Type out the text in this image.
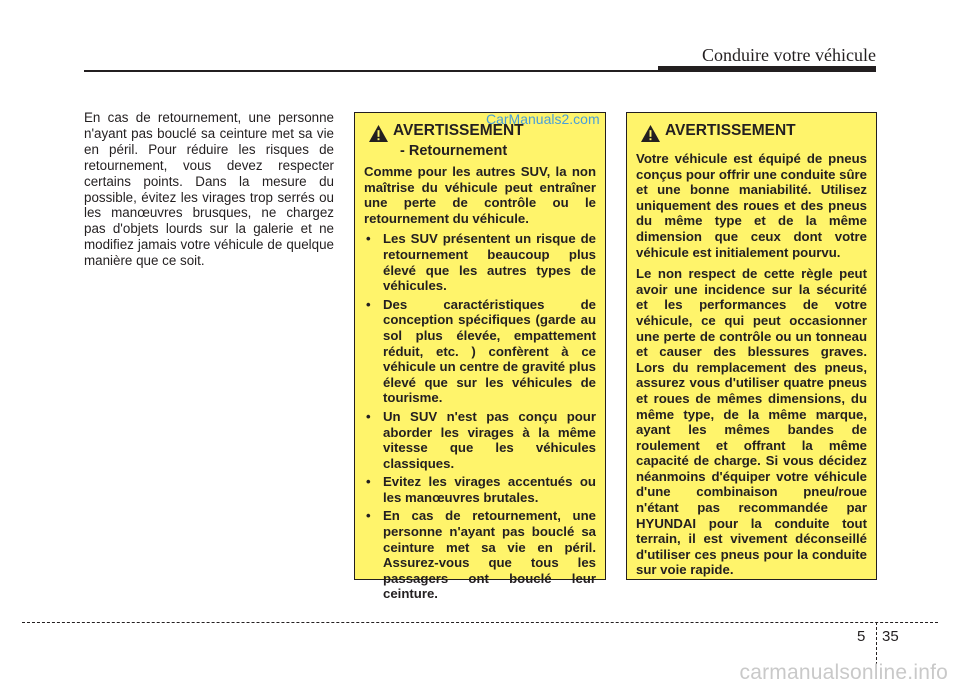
Conduire votre véhicule
En cas de retournement, une personne n'ayant pas bouclé sa ceinture met sa vie en péril. Pour réduire les risques de retournement, vous devez respecter certains points. Dans la mesure du possible, évitez les virages trop serrés ou les manœuvres brusques, ne chargez pas d'objets lourds sur la galerie et ne modifiez jamais votre véhicule de quelque manière que ce soit.
AVERTISSEMENT
- Retournement

Comme pour les autres SUV, la non maîtrise du véhicule peut entraîner une perte de contrôle ou le retournement du véhicule.

• Les SUV présentent un risque de retournement beaucoup plus élevé que les autres types de véhicules.
• Des caractéristiques de conception spécifiques (garde au sol plus élevée, empattement réduit, etc. ) confèrent à ce véhicule un centre de gravité plus élevé que sur les véhicules de tourisme.
• Un SUV n'est pas conçu pour aborder les virages à la même vitesse que les véhicules classiques.
• Evitez les virages accentués ou les manœuvres brutales.
• En cas de retournement, une personne n'ayant pas bouclé sa ceinture met sa vie en péril. Assurez-vous que tous les passagers ont bouclé leur ceinture.
AVERTISSEMENT

Votre véhicule est équipé de pneus conçus pour offrir une conduite sûre et une bonne maniabilité. Utilisez uniquement des roues et des pneus du même type et de la même dimension que ceux dont votre véhicule est initialement pourvu.

Le non respect de cette règle peut avoir une incidence sur la sécurité et les performances de votre véhicule, ce qui peut occasionner une perte de contrôle ou un tonneau et causer des blessures graves. Lors du remplacement des pneus, assurez vous d'utiliser quatre pneus et roues de mêmes dimensions, du même type, de la même marque, ayant les mêmes bandes de roulement et offrant la même capacité de charge. Si vous décidez néanmoins d'équiper votre véhicule d'une combinaison pneu/roue n'étant pas recommandée par HYUNDAI pour la conduite tout terrain, il est vivement déconseillé d'utiliser ces pneus pour la conduite sur voie rapide.

CarManuals2.com
5 35
carmanualsonline.info
